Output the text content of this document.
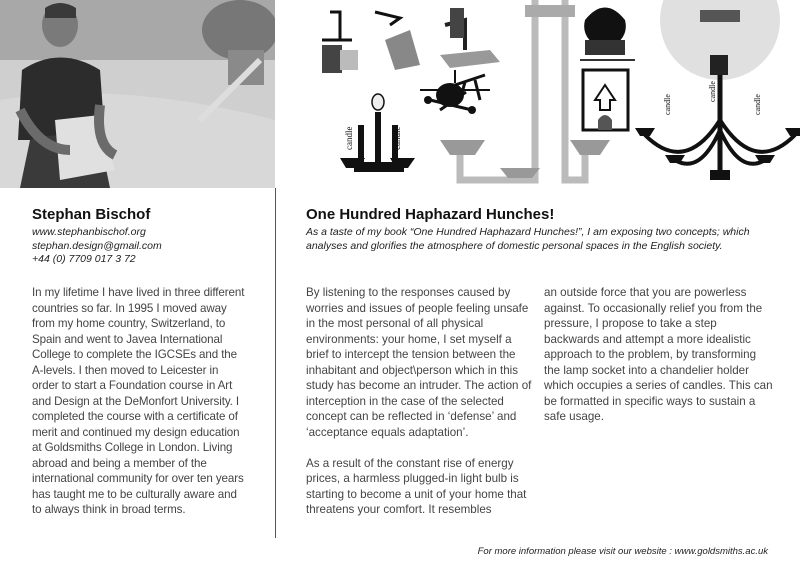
candle	candle
candle	candle
candle
Stephan Bischof
www.stephanbischof.org
stephan.design@gmail.com
+44 (0) 7709 017 3 72

In my lifetime I have lived in three different countries so far. In 1995 I moved away from my home country, Switzerland, to Spain and went to Javea International College to complete the IGCSEs and the A-levels. I then moved to Leicester in order to start a Foundation course in Art and Design at the DeMonfort University. I completed the course with a certificate of merit and continued my design education at Goldsmiths College in London. Living abroad and being a member of the international community for over ten years has taught me to be culturally aware and to always think in broad terms.

One Hundred Haphazard Hunches!

As a taste of my book “One Hundred Haphazard Hunches!”, I am exposing two concepts; which analyses and glorifies the atmosphere of domestic personal spaces in the English society.

By listening to the responses caused by worries and issues of people feeling unsafe in the most personal of all physical environments: your home, I set myself a brief to intercept the tension between the inhabitant and object\person which in this study has become an intruder. The action of interception in the case of the selected concept can be reflected in ‘defense’ and ‘acceptance equals adaptation’.

As a result of the constant rise of energy prices, a harmless plugged-in light bulb is starting to become a unit of your home that threatens your comfort. It resembles

an outside force that you are powerless against. To occasionally relief you from the pressure, I propose to take a step backwards and attempt a more idealistic approach to the problem, by transforming the lamp socket into a chandelier holder which occupies a series of candles. This can be formatted in specific ways to sustain a safe usage.

For more information please visit our website : www.goldsmiths.ac.uk
